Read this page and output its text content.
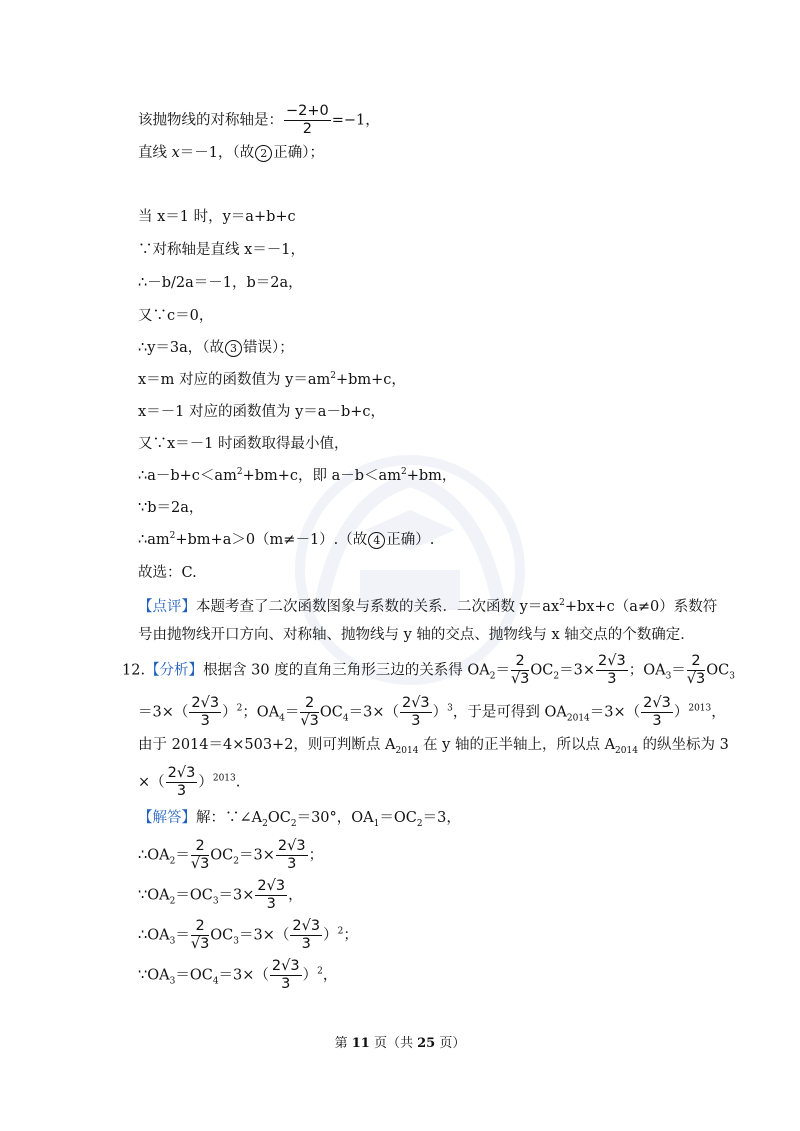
该抛物线的对称轴是： $\frac{-2+0}{2} =-1$，
直线 x＝－1，（故 2 正确）；
当 x＝1 时，y＝a+b+c
∵对称轴是直线 x＝－1，
∴－b/2a＝－1，b＝2a，
又∵c＝0，
∴y＝3a，（故 3 错误）；
x＝m 对应的函数值为 $y=am^2+bm+c$，
x＝－1 对应的函数值为 y＝a－b+c，
又∵x＝－1 时函数取得最小值，
$\therefore a-b+c<am^2+bm+c$，即 $a-b<am^2+bm$，
∵b＝2a，
$\therefore am^2+bm+a>0(m\ne-1)$.（故 4 正确）.
故选：C.
【点评】本题考查了二次函数图象与系数的关系．二次函数 $y=ax^2+bx+c(a\ne 0)$系数符
号由抛物线开口方向、对称轴、抛物线与 y 轴的交点、抛物线与 x 轴交点的个数确定．
12.【分析】根据含 30 度的直角三角形三边的关系得 $OA_2= \frac{2}{√3} OC_2=3\times \frac{2√3}{3}$ ；$OA_3= \frac{2}{√3} OC_3$
$=3\times( \frac{2√3}{3} )^2$；$OA_4= \frac{2}{√3} OC_4=3\times( \frac{2√3}{3} )^3$，于是可得到 $OA_{2014}=3\times( \frac{2√3}{3} )^{2013}$，
由于 2014＝4×503+2，则可判断点 $A_{2014}$ 在 y 轴的正半轴上，所以点 $A_{2014}$ 的纵坐标为 3
×（ $\frac{2√3}{3} )^{2013}$.
【解答】解：$\because\angle A_2OC_2=30^\circ$，$OA_1=OC_2=3$，
$\therefore OA_2= \frac{2}{√3} OC_2=3\times \frac{2√3}{3}$ ；
$\because OA_2=OC_3=3\times \frac{2√3}{3}$ ，
$\therefore OA_3= \frac{2}{√3} OC_3=3\times( \frac{2√3}{3} )^2$；
$\because OA_3=OC_4=3\times( \frac{2√3}{3} )^2$，
第 11 页（共 25 页）
